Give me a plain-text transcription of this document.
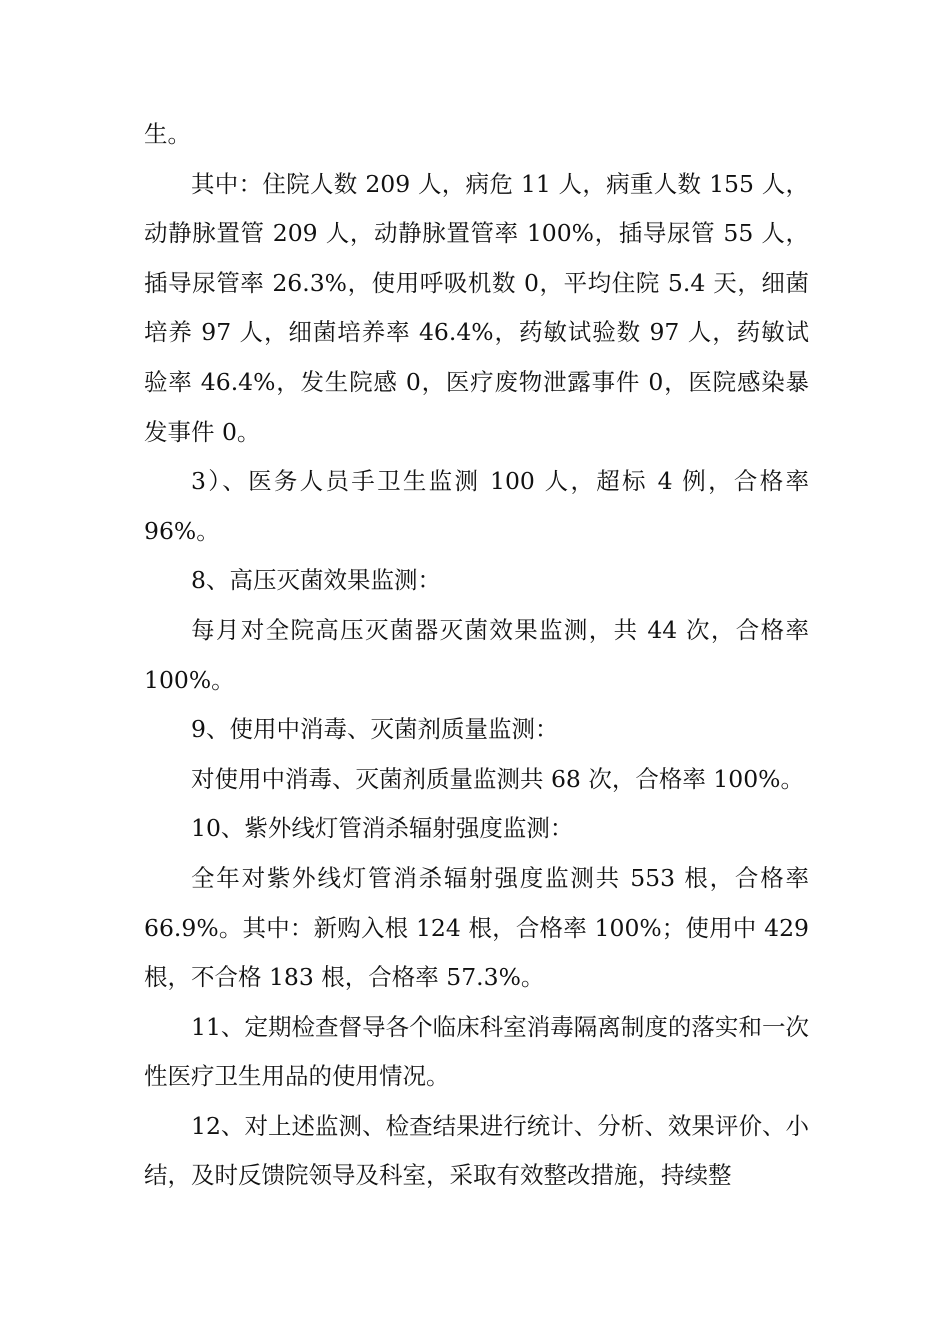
生。

其中：住院人数 209 人，病危 11 人，病重人数 155 人，动静脉置管 209 人，动静脉置管率 100%，插导尿管 55 人，插导尿管率 26.3%，使用呼吸机数 0，平均住院 5.4 天，细菌培养 97 人，细菌培养率 46.4%，药敏试验数 97 人，药敏试验率 46.4%，发生院感 0，医疗废物泄露事件 0，医院感染暴发事件 0。

3）、医务人员手卫生监测 100 人，超标 4 例，合格率 96%。

8、高压灭菌效果监测：

每月对全院高压灭菌器灭菌效果监测，共 44 次，合格率 100%。

9、使用中消毒、灭菌剂质量监测：

对使用中消毒、灭菌剂质量监测共 68 次，合格率 100%。

10、紫外线灯管消杀辐射强度监测：

全年对紫外线灯管消杀辐射强度监测共 553 根，合格率 66.9%。其中：新购入根 124 根，合格率 100%；使用中 429 根，不合格 183 根，合格率 57.3%。

11、定期检查督导各个临床科室消毒隔离制度的落实和一次性医疗卫生用品的使用情况。

12、对上述监测、检查结果进行统计、分析、效果评价、小结，及时反馈院领导及科室，采取有效整改措施，持续整
